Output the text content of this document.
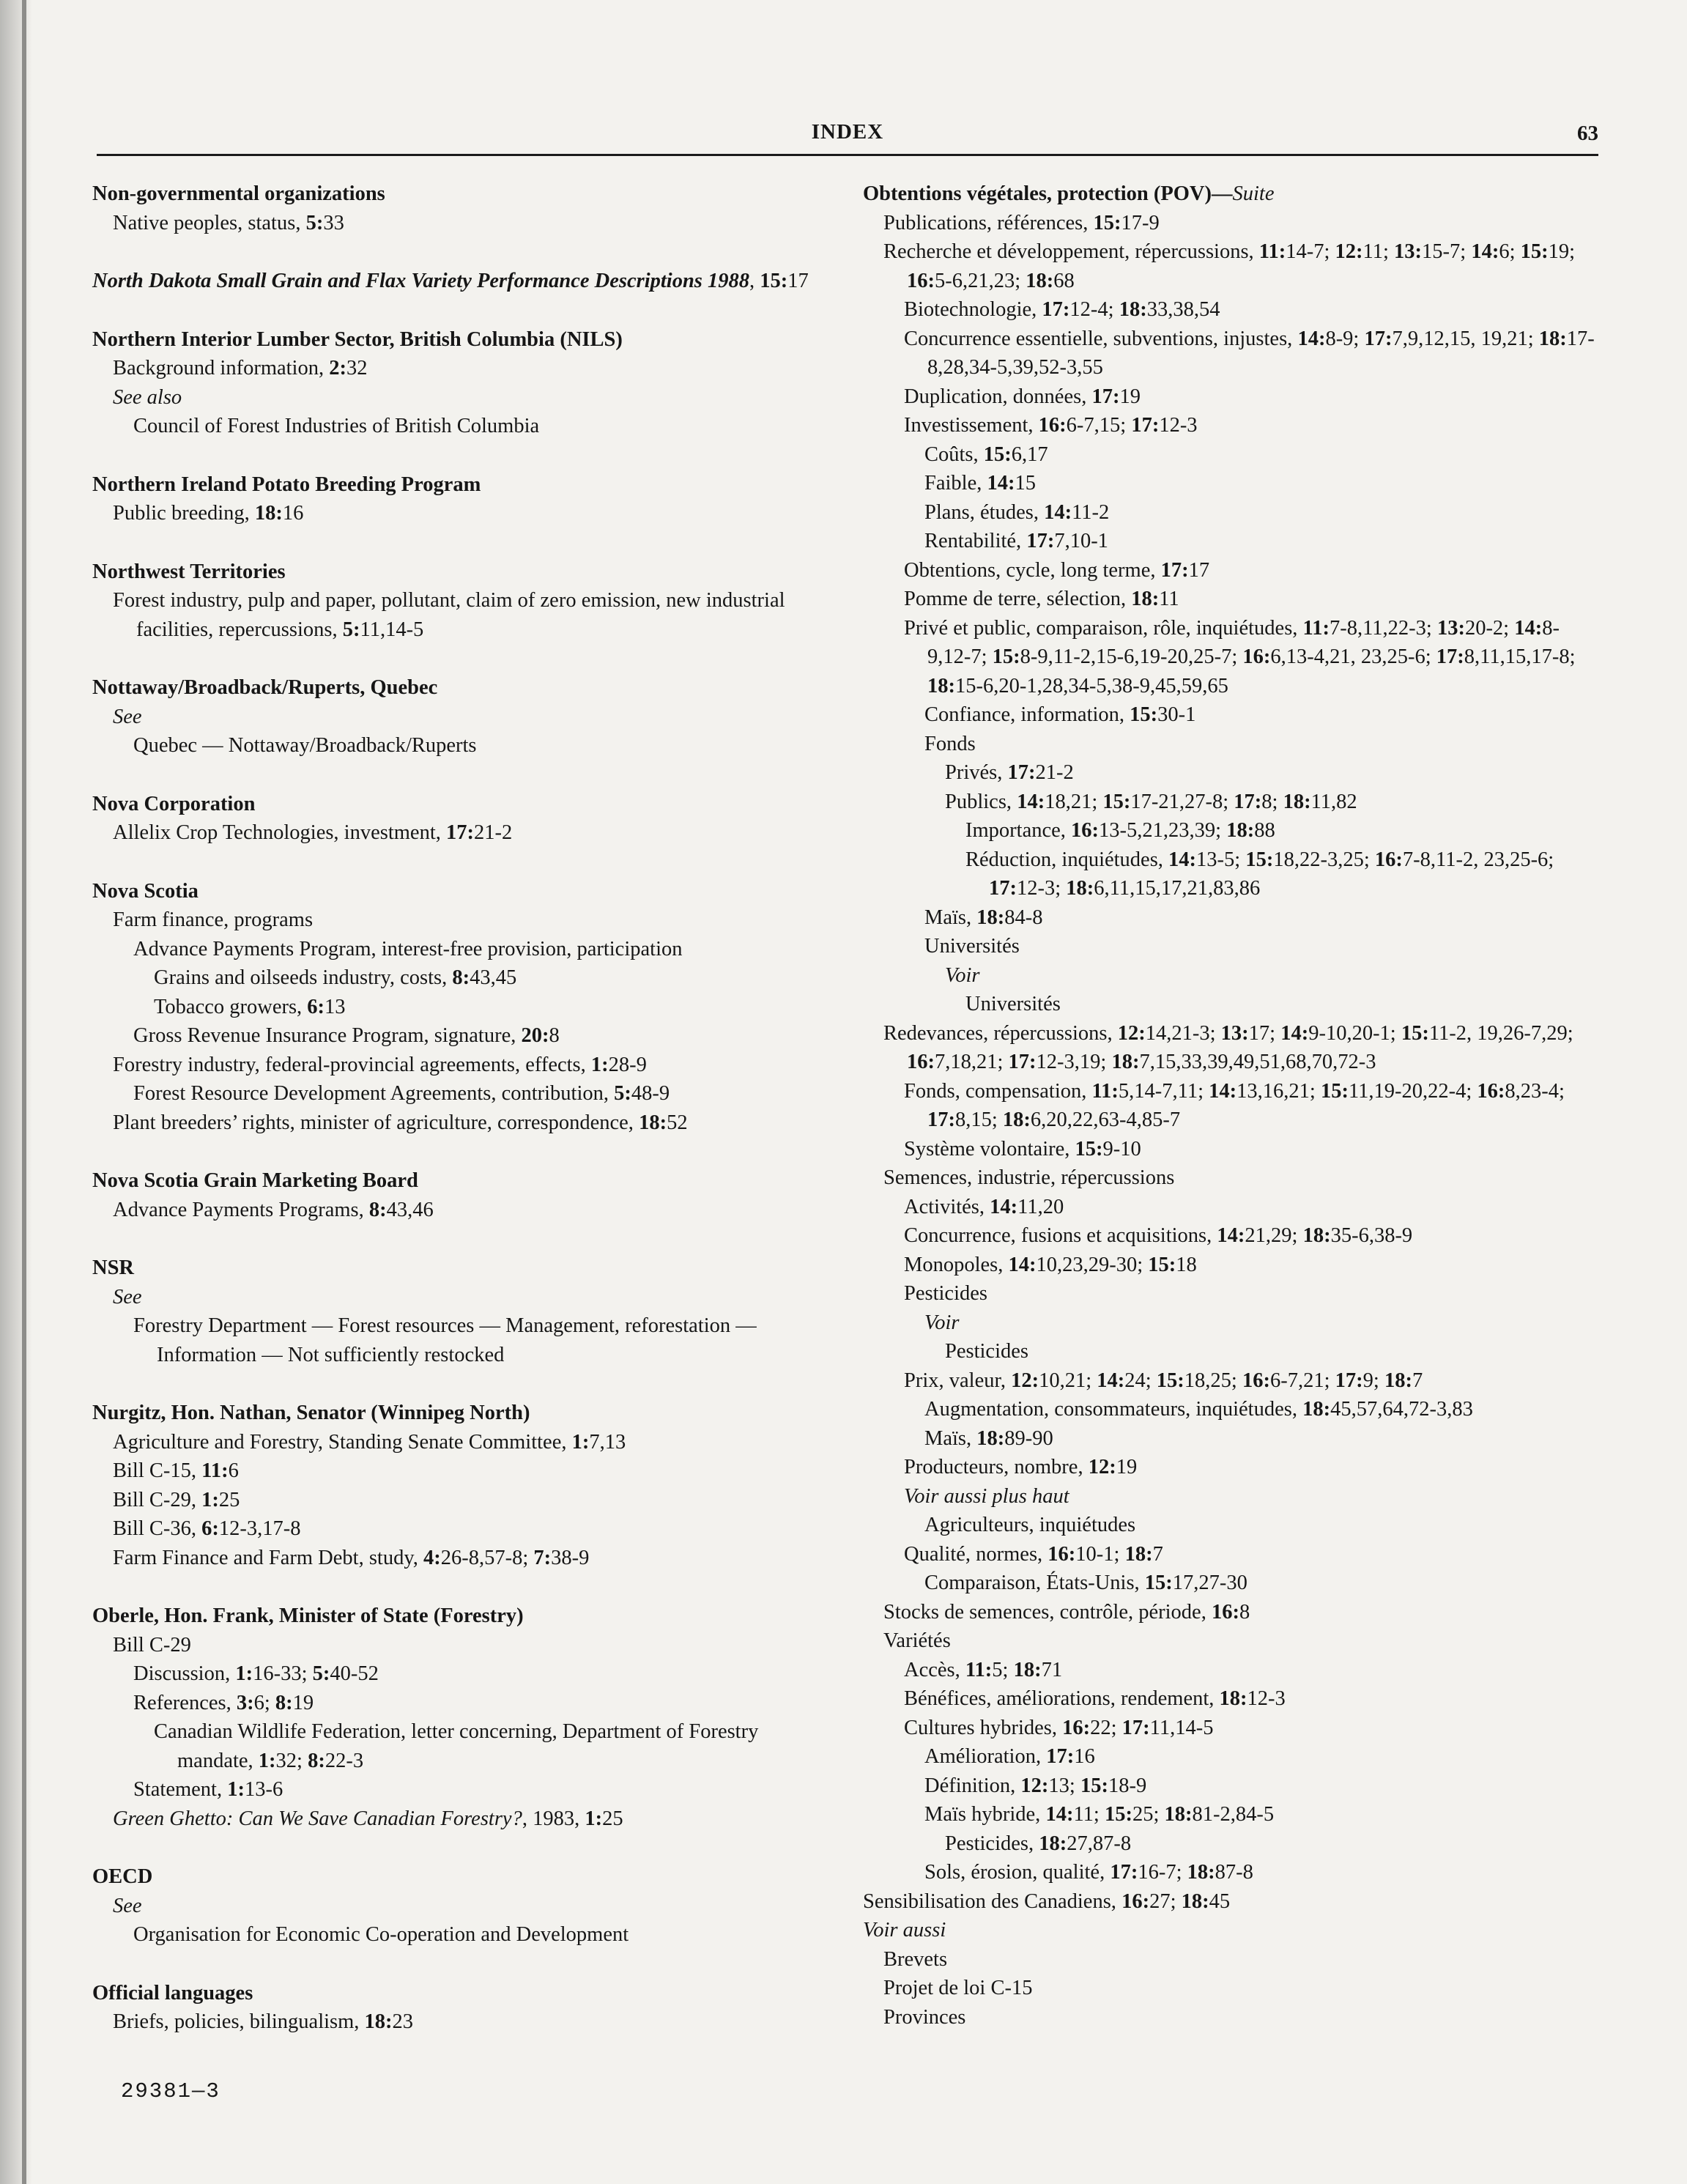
INDEX	63
Non-governmental organizations
Native peoples, status, 5:33
North Dakota Small Grain and Flax Variety Performance Descriptions 1988, 15:17
Northern Interior Lumber Sector, British Columbia (NILS)
Background information, 2:32
See also
Council of Forest Industries of British Columbia
Northern Ireland Potato Breeding Program
Public breeding, 18:16
Northwest Territories
Forest industry, pulp and paper, pollutant, claim of zero emission, new industrial facilities, repercussions, 5:11,14-5
Nottaway/Broadback/Ruperts, Quebec
See
Quebec — Nottaway/Broadback/Ruperts
Nova Corporation
Allelix Crop Technologies, investment, 17:21-2
Nova Scotia
Farm finance, programs
Advance Payments Program, interest-free provision, participation
Grains and oilseeds industry, costs, 8:43,45
Tobacco growers, 6:13
Gross Revenue Insurance Program, signature, 20:8
Forestry industry, federal-provincial agreements, effects, 1:28-9
Forest Resource Development Agreements, contribution, 5:48-9
Plant breeders’ rights, minister of agriculture, correspondence, 18:52
Nova Scotia Grain Marketing Board
Advance Payments Programs, 8:43,46
NSR
See
Forestry Department — Forest resources — Management, reforestation — Information — Not sufficiently restocked
Nurgitz, Hon. Nathan, Senator (Winnipeg North)
Agriculture and Forestry, Standing Senate Committee, 1:7,13
Bill C-15, 11:6
Bill C-29, 1:25
Bill C-36, 6:12-3,17-8
Farm Finance and Farm Debt, study, 4:26-8,57-8; 7:38-9
Oberle, Hon. Frank, Minister of State (Forestry)
Bill C-29
Discussion, 1:16-33; 5:40-52
References, 3:6; 8:19
Canadian Wildlife Federation, letter concerning, Department of Forestry mandate, 1:32; 8:22-3
Statement, 1:13-6
Green Ghetto: Can We Save Canadian Forestry?, 1983, 1:25
OECD
See
Organisation for Economic Co-operation and Development
Official languages
Briefs, policies, bilingualism, 18:23
Obtentions végétales, protection (POV)—Suite
Publications, références, 15:17-9
Recherche et développement, répercussions, 11:14-7; 12:11; 13:15-7; 14:6; 15:19; 16:5-6,21,23; 18:68
Biotechnologie, 17:12-4; 18:33,38,54
Concurrence essentielle, subventions, injustes, 14:8-9; 17:7,9,12,15, 19,21; 18:17-8,28,34-5,39,52-3,55
Duplication, données, 17:19
Investissement, 16:6-7,15; 17:12-3
Coûts, 15:6,17
Faible, 14:15
Plans, études, 14:11-2
Rentabilité, 17:7,10-1
Obtentions, cycle, long terme, 17:17
Pomme de terre, sélection, 18:11
Privé et public, comparaison, rôle, inquiétudes, 11:7-8,11,22-3; 13:20-2; 14:8-9,12-7; 15:8-9,11-2,15-6,19-20,25-7; 16:6,13-4,21, 23,25-6; 17:8,11,15,17-8; 18:15-6,20-1,28,34-5,38-9,45,59,65
Confiance, information, 15:30-1
Fonds
Privés, 17:21-2
Publics, 14:18,21; 15:17-21,27-8; 17:8; 18:11,82
Importance, 16:13-5,21,23,39; 18:88
Réduction, inquiétudes, 14:13-5; 15:18,22-3,25; 16:7-8,11-2, 23,25-6; 17:12-3; 18:6,11,15,17,21,83,86
Maïs, 18:84-8
Universités
Voir
Universités
Redevances, répercussions, 12:14,21-3; 13:17; 14:9-10,20-1; 15:11-2, 19,26-7,29; 16:7,18,21; 17:12-3,19; 18:7,15,33,39,49,51,68,70,72-3
Fonds, compensation, 11:5,14-7,11; 14:13,16,21; 15:11,19-20,22-4; 16:8,23-4; 17:8,15; 18:6,20,22,63-4,85-7
Système volontaire, 15:9-10
Semences, industrie, répercussions
Activités, 14:11,20
Concurrence, fusions et acquisitions, 14:21,29; 18:35-6,38-9
Monopoles, 14:10,23,29-30; 15:18
Pesticides
Voir
Pesticides
Prix, valeur, 12:10,21; 14:24; 15:18,25; 16:6-7,21; 17:9; 18:7
Augmentation, consommateurs, inquiétudes, 18:45,57,64,72-3,83
Maïs, 18:89-90
Producteurs, nombre, 12:19
Voir aussi plus haut
Agriculteurs, inquiétudes
Qualité, normes, 16:10-1; 18:7
Comparaison, États-Unis, 15:17,27-30
Stocks de semences, contrôle, période, 16:8
Variétés
Accès, 11:5; 18:71
Bénéfices, améliorations, rendement, 18:12-3
Cultures hybrides, 16:22; 17:11,14-5
Amélioration, 17:16
Définition, 12:13; 15:18-9
Maïs hybride, 14:11; 15:25; 18:81-2,84-5
Pesticides, 18:27,87-8
Sols, érosion, qualité, 17:16-7; 18:87-8
Sensibilisation des Canadiens, 16:27; 18:45
Voir aussi
Brevets
Projet de loi C-15
Provinces
29381—3
